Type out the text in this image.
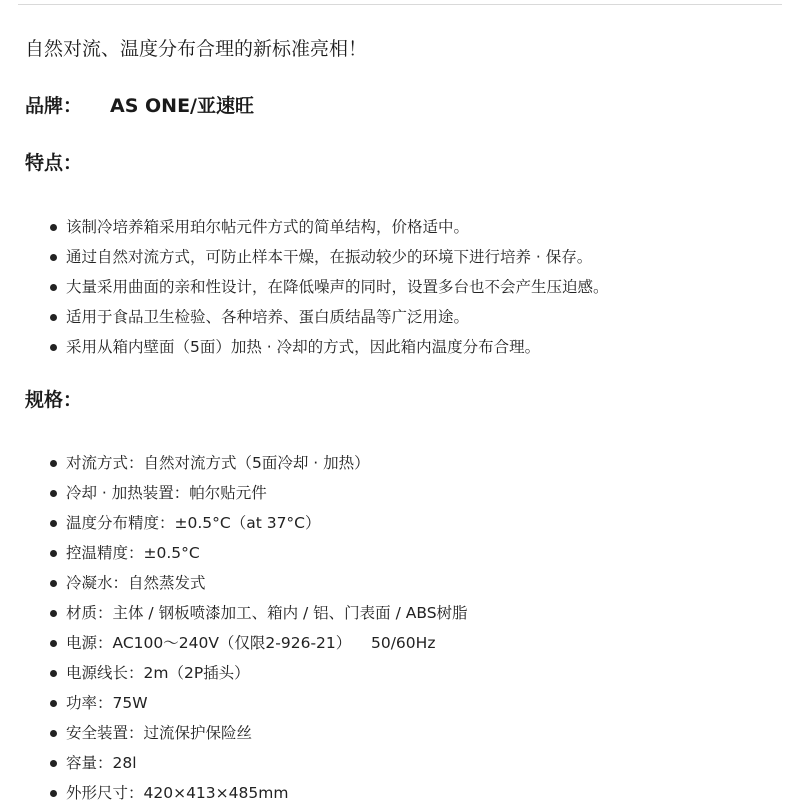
自然对流、温度分布合理的新标准亮相！
品牌： AS ONE/亚速旺
特点：
该制冷培养箱采用珀尔帖元件方式的简单结构，价格适中。
通过自然对流方式，可防止样本干燥，在振动较少的环境下进行培养 · 保存。
大量采用曲面的亲和性设计，在降低噪声的同时，设置多台也不会产生压迫感。
适用于食品卫生检验、各种培养、蛋白质结晶等广泛用途。
采用从箱内壁面（5面）加热 · 冷却的方式，因此箱内温度分布合理。
规格：
对流方式：自然对流方式（5面冷却 · 加热）
冷却 · 加热装置：帕尔贴元件
温度分布精度：±0.5°C（at 37°C）
控温精度：±0.5°C
冷凝水：自然蒸发式
材质：主体 / 钢板喷漆加工、箱内 / 铝、门表面 / ABS树脂
电源：AC100～240V（仅限2-926-21）    50/60Hz
电源线长：2m（2P插头）
功率：75W
安全装置：过流保护保险丝
容量：28l
外形尺寸：420×413×485mm
